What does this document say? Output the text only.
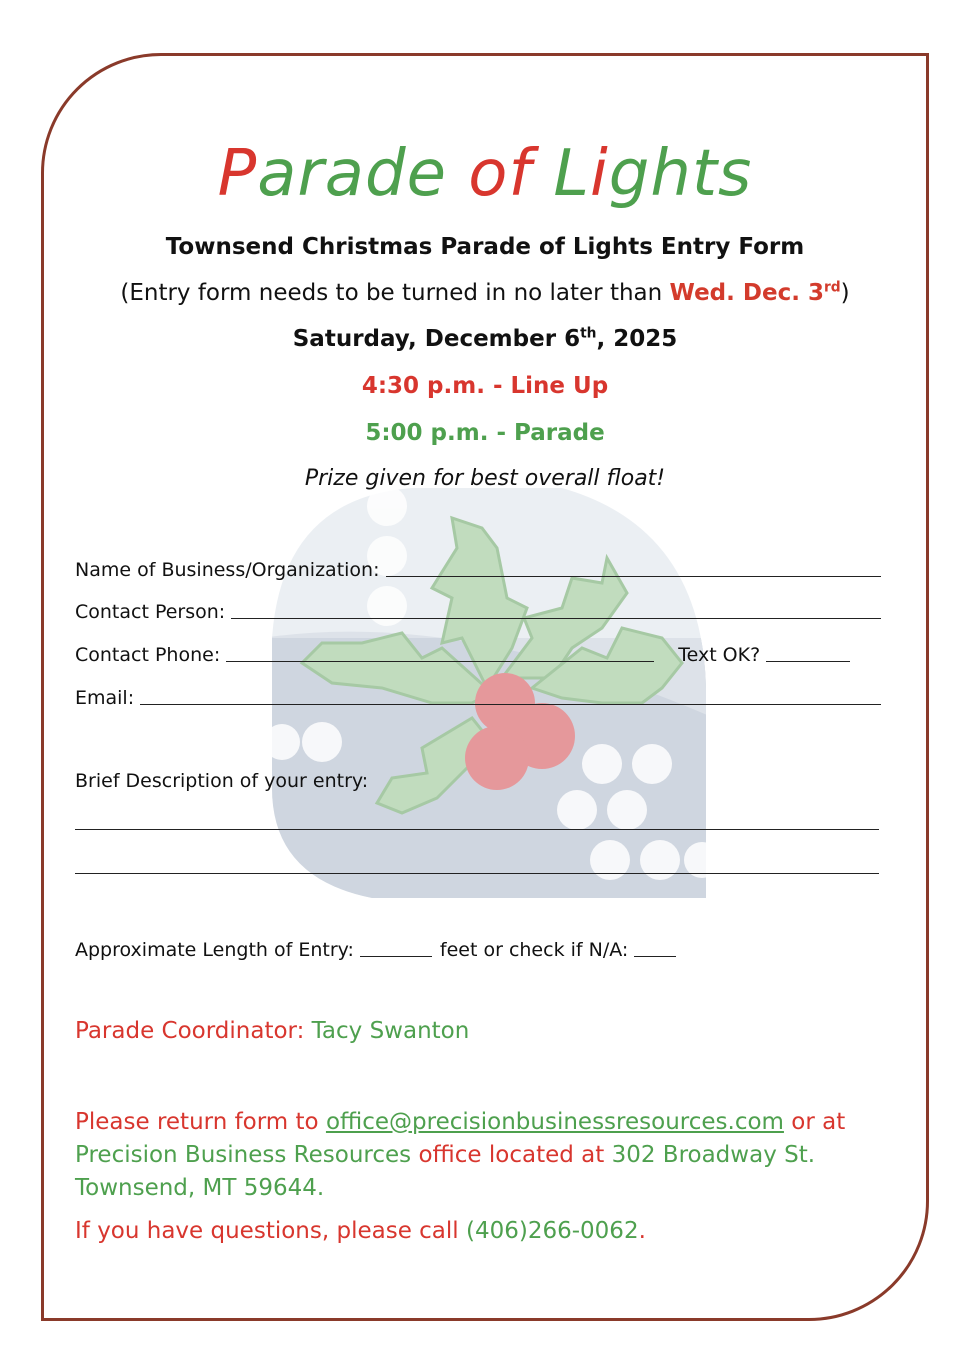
Parade of Lights
Townsend Christmas Parade of Lights Entry Form
(Entry form needs to be turned in no later than Wed. Dec. 3rd)
Saturday, December 6th, 2025
4:30 p.m. - Line Up
5:00 p.m. - Parade
Prize given for best overall float!
Name of Business/Organization:
Contact Person:
Contact Phone:	Text OK?
Email:
Brief Description of your entry:
Approximate Length of Entry:	feet or check if N/A:
Parade Coordinator: Tacy Swanton
Please return form to office@precisionbusinessresources.com or at Precision Business Resources office located at 302 Broadway St. Townsend, MT 59644.
If you have questions, please call (406)266-0062.
